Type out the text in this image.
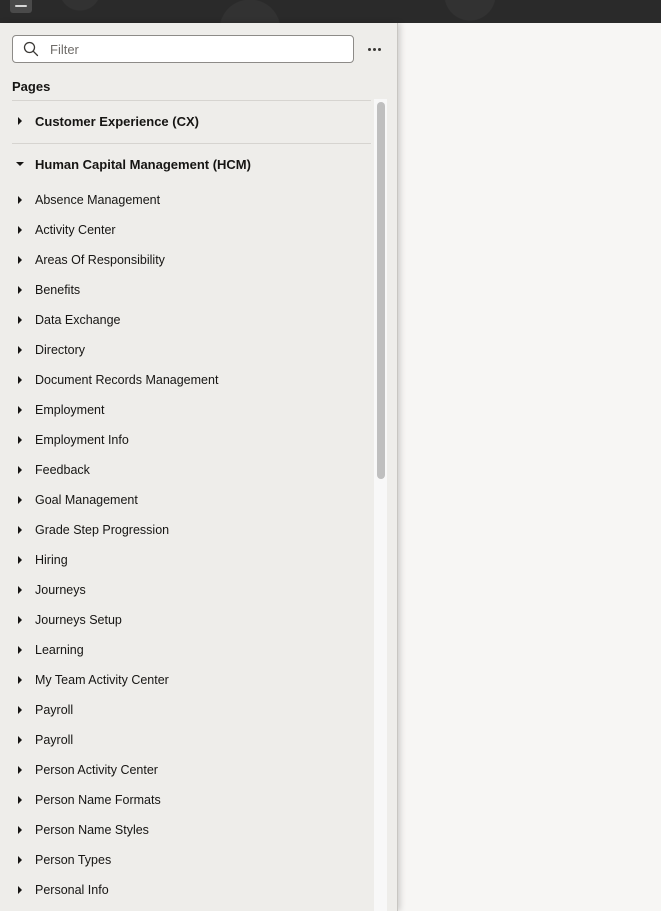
Filter
Pages
Customer Experience (CX)
Human Capital Management (HCM)
Absence Management
Activity Center
Areas Of Responsibility
Benefits
Data Exchange
Directory
Document Records Management
Employment
Employment Info
Feedback
Goal Management
Grade Step Progression
Hiring
Journeys
Journeys Setup
Learning
My Team Activity Center
Payroll
Payroll
Person Activity Center
Person Name Formats
Person Name Styles
Person Types
Personal Info
